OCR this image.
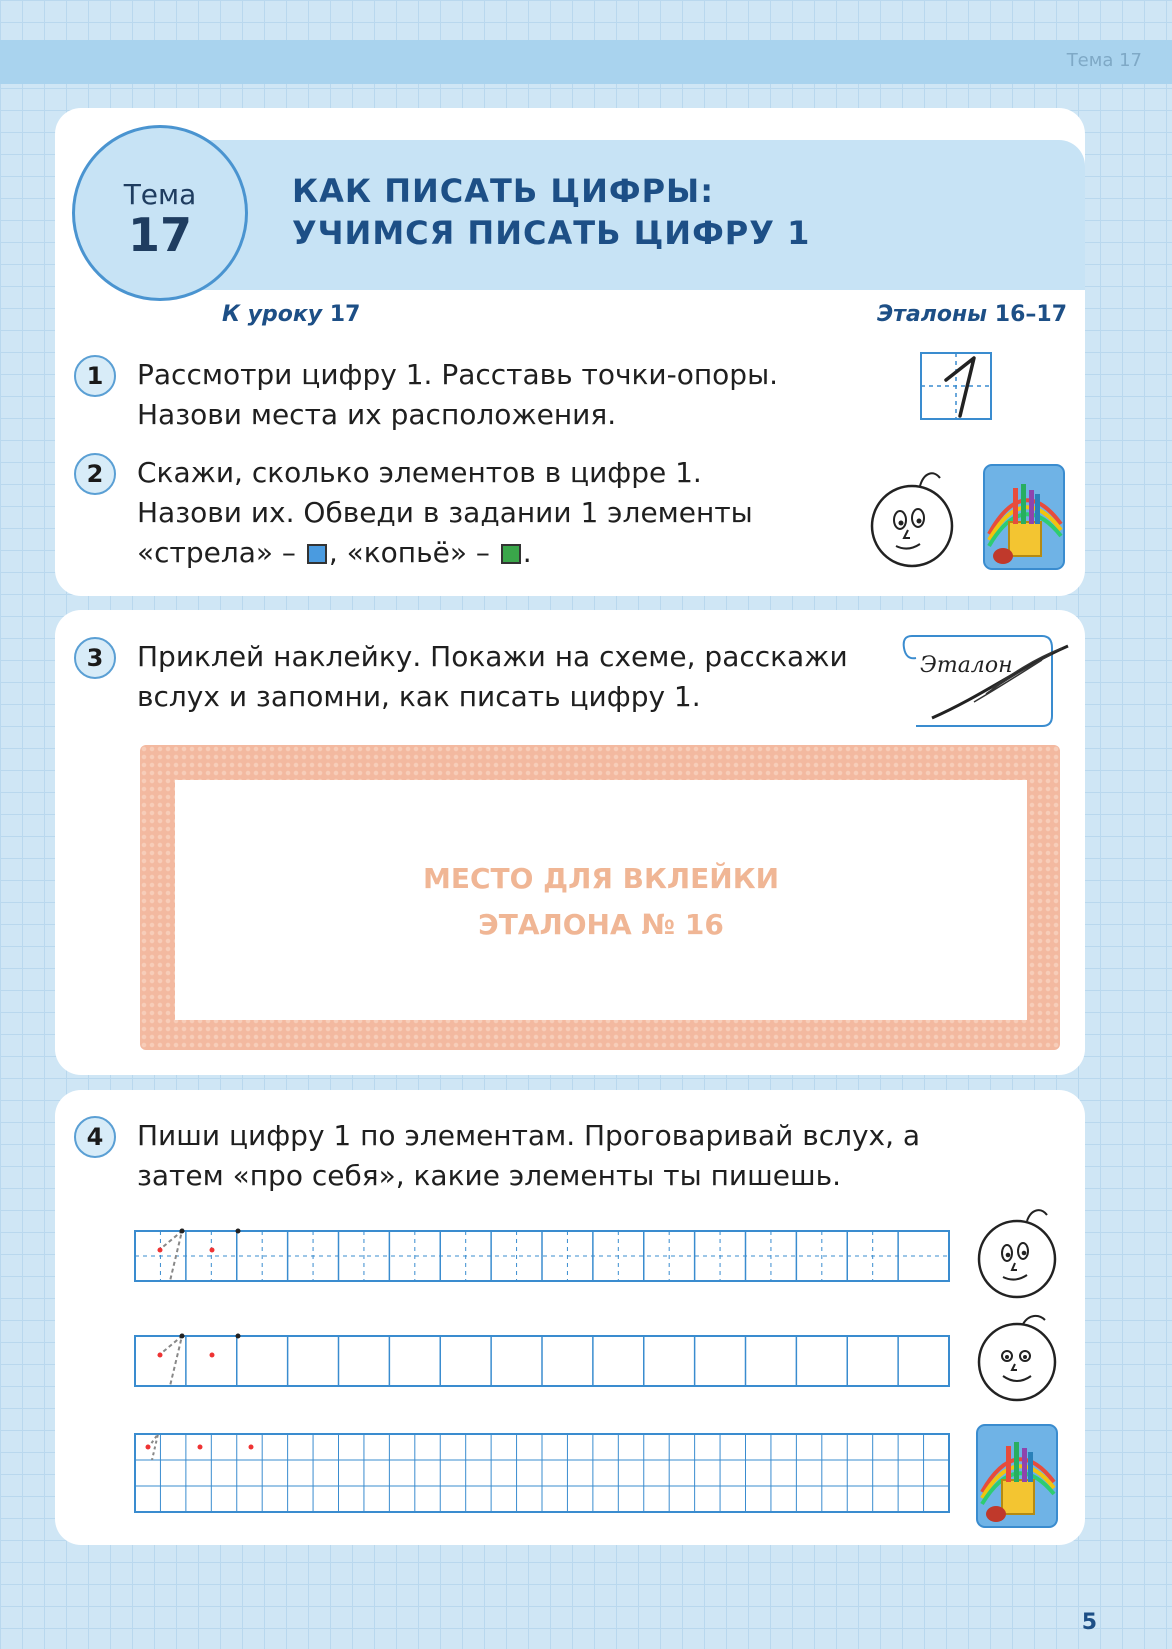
Тема 17
Тема
17
КАК ПИСАТЬ ЦИФРЫ:
УЧИМСЯ ПИСАТЬ ЦИФРУ 1
К уроку 17	Эталоны 16–17
1	Рассмотри цифру 1. Расставь точки-опоры.
Назови места их расположения.
2	Скажи, сколько элементов в цифре 1.
Назови их. Обведи в задании 1 элементы
«стрела» – , «копьё» – .
3	Приклей наклейку. Покажи на схеме, расскажи
вслух и запомни, как писать цифру 1.
Эталон
МЕСТО ДЛЯ ВКЛЕЙКИ
ЭТАЛОНА № 16
4	Пиши цифру 1 по элементам. Проговаривай вслух, а
затем «про себя», какие элементы ты пишешь.
5
